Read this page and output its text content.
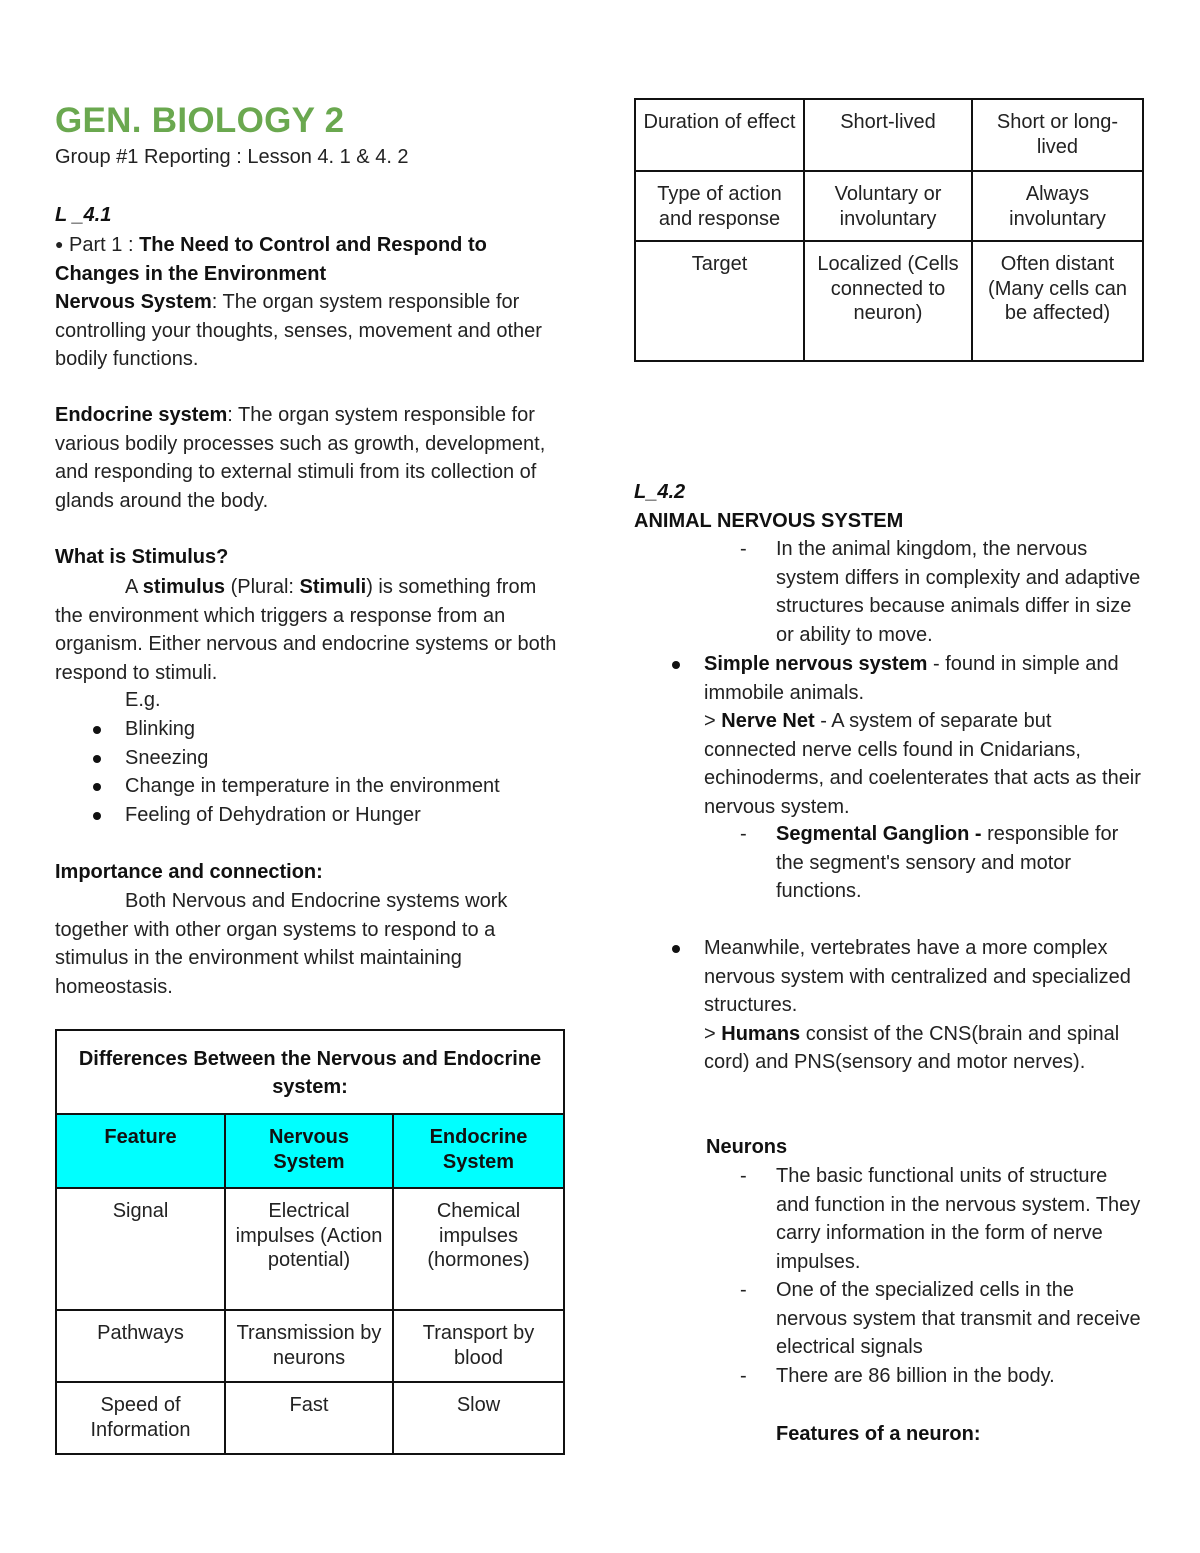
GEN. BIOLOGY 2
Group #1 Reporting : Lesson 4. 1 & 4. 2
L _4.1
● Part 1 : The Need to Control and Respond to Changes in the Environment
Nervous System: The organ system responsible for controlling your thoughts, senses, movement and other bodily functions.
Endocrine system: The organ system responsible for various bodily processes such as growth, development, and responding to external stimuli from its collection of glands around the body.
What is Stimulus?
A stimulus (Plural: Stimuli) is something from the environment which triggers a response from an organism. Either nervous and endocrine systems or both respond to stimuli.
E.g.
Blinking
Sneezing
Change in temperature in the environment
Feeling of Dehydration or Hunger
Importance and connection:
Both Nervous and Endocrine systems work together with other organ systems to respond to a stimulus in the environment whilst maintaining homeostasis.
Differences Between the Nervous and Endocrine system:		
Feature	Nervous System	Endocrine System
Signal	Electrical impulses (Action potential)	Chemical impulses (hormones)
Pathways	Transmission by neurons	Transport by blood
Speed of Information	Fast	Slow
Duration of effect	Short-lived	Short or long-lived
Type of action and response	Voluntary or involuntary	Always involuntary
Target	Localized (Cells connected to neuron)	Often distant (Many cells can be affected)
L_4.2
ANIMAL NERVOUS SYSTEM
- In the animal kingdom, the nervous system differs in complexity and adaptive structures because animals differ in size or ability to move.
Simple nervous system - found in simple and immobile animals.
> Nerve Net - A system of separate but connected nerve cells found in Cnidarians, echinoderms, and coelenterates that acts as their nervous system.
- Segmental Ganglion - responsible for the segment's sensory and motor functions.
Meanwhile, vertebrates have a more complex nervous system with centralized and specialized structures.
> Humans consist of the CNS(brain and spinal cord) and PNS(sensory and motor nerves).
Neurons
- The basic functional units of structure and function in the nervous system. They carry information in the form of nerve impulses.
- One of the specialized cells in the nervous system that transmit and receive electrical signals
- There are 86 billion in the body.
Features of a neuron:
